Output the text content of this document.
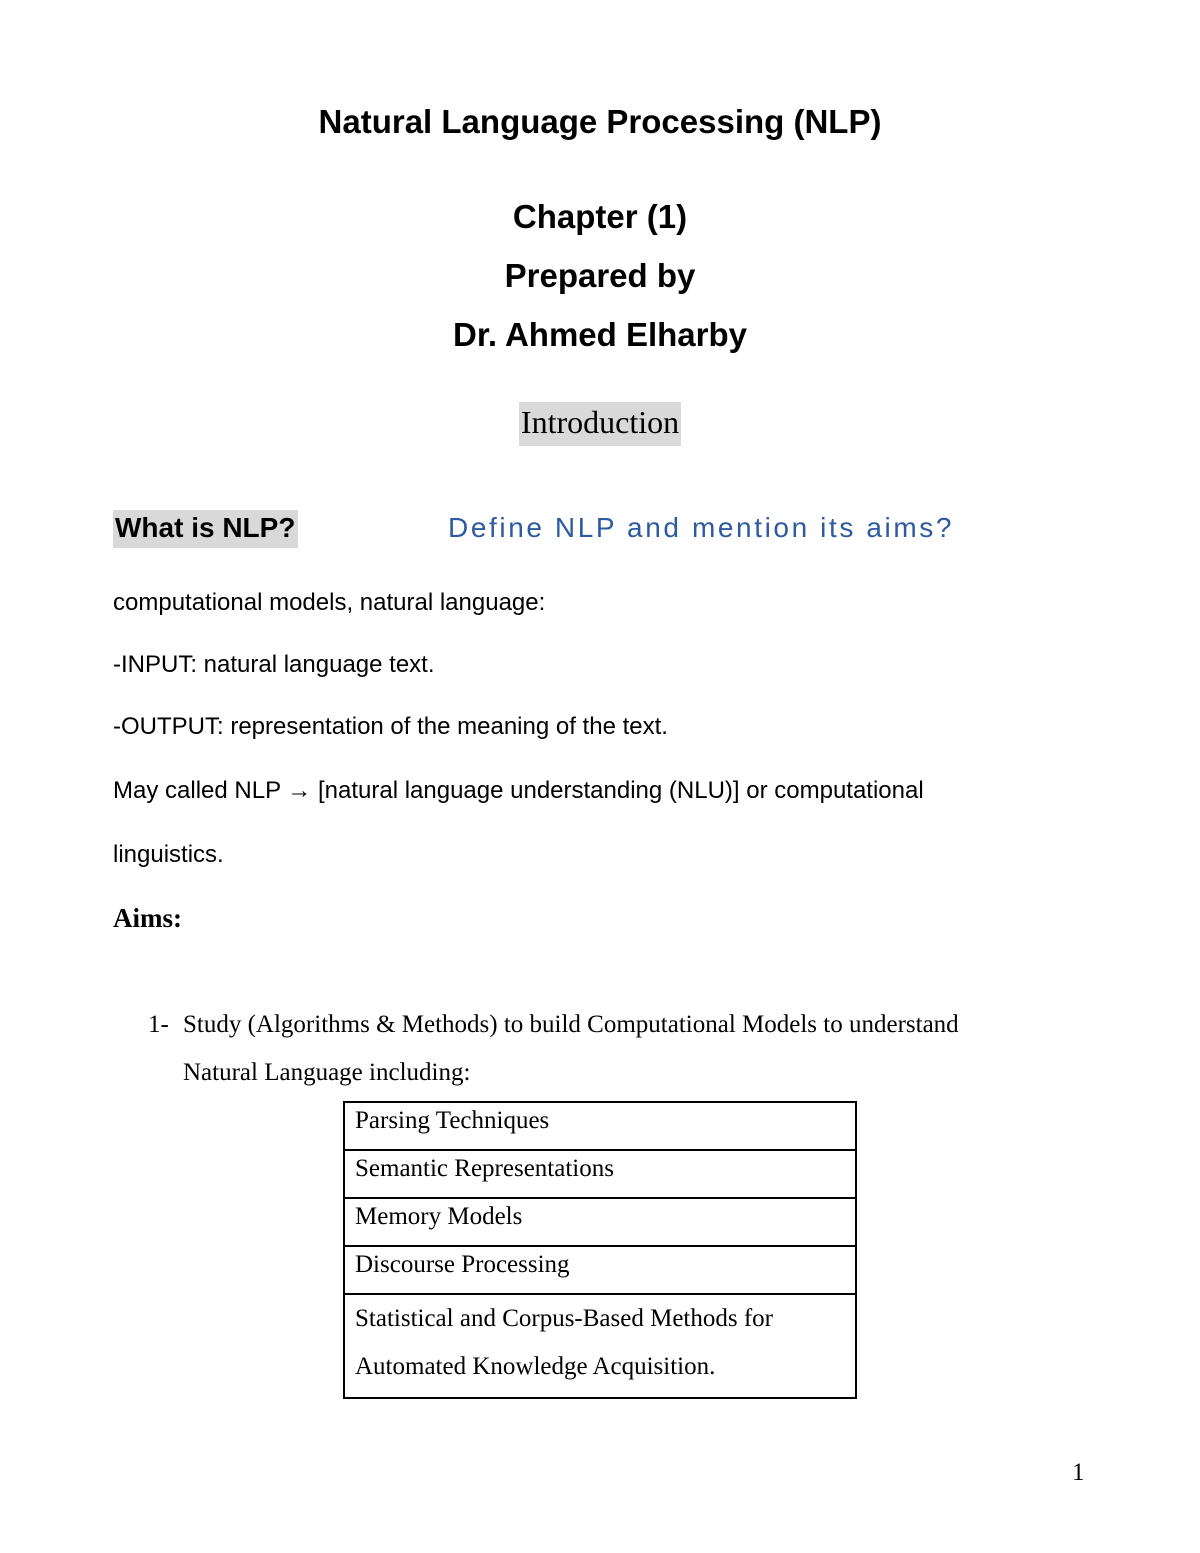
Natural Language Processing (NLP)
Chapter (1)
Prepared by
Dr. Ahmed Elharby
Introduction
What is NLP?	Define NLP and mention its aims?
computational models, natural language:
-INPUT: natural language text.
-OUTPUT: representation of the meaning of the text.
May called NLP → [natural language understanding (NLU)] or computational
linguistics.
Aims:
1- Study (Algorithms & Methods) to build Computational Models to understand
Natural Language including:
Parsing Techniques
Semantic Representations
Memory Models
Discourse Processing
Statistical and Corpus-Based Methods for Automated Knowledge Acquisition.
1
